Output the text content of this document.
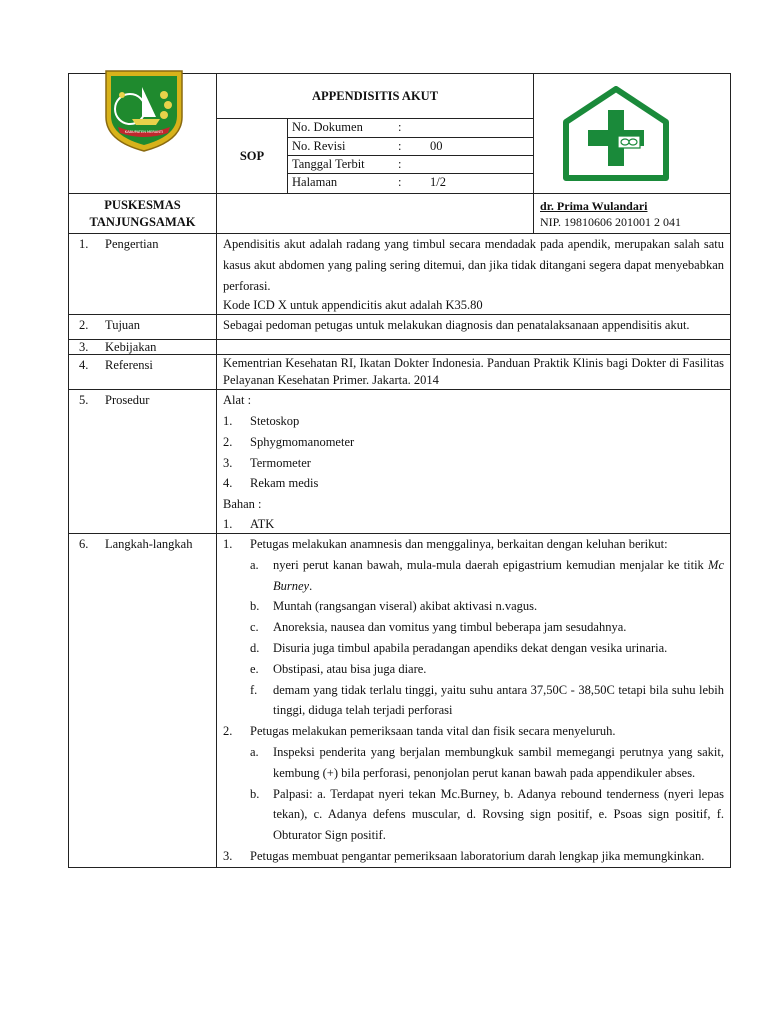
KABUPATEN MERANTI
	APPENDISITIS AKUT	

SOP	
No. Dokumen	:	
No. Revisi	:	00
Tanggal Terbit	:	
Halaman	:	1/2

PUSKESMAS
TANJUNGSAMAK

dr. Prima Wulandari
NIP. 19810606 201001 2 041

1. Pengertian	Apendisitis akut adalah radang yang timbul secara mendadak pada apendik, merupakan salah satu kasus akut abdomen yang paling sering ditemui, dan jika tidak ditangani segera dapat menyebabkan perforasi.

Kode ICD X untuk appendicitis akut adalah K35.80

2. Tujuan	Sebagai pedoman petugas untuk melakukan diagnosis dan penatalaksanaan appendisitis akut.
3. Kebijakan	
4. Referensi	Kementrian Kesehatan RI, Ikatan Dokter Indonesia. Panduan Praktik Klinis bagi Dokter di Fasilitas Pelayanan Kesehatan Primer. Jakarta. 2014
5. Prosedur	Alat :

1. Stetoskop
2. Sphygmomanometer
3. Termometer
4. Rekam medis

Bahan :

1. ATK

6. Langkah-langkah	1. Petugas melakukan anamnesis dan menggalinya, berkaitan dengan keluhan berikut:
a. nyeri perut kanan bawah, mula-mula daerah epigastrium kemudian menjalar ke titik Mc Burney.
b. Muntah (rangsangan viseral) akibat aktivasi n.vagus.
c. Anoreksia, nausea dan vomitus yang timbul beberapa jam sesudahnya.
d. Disuria juga timbul apabila peradangan apendiks dekat dengan vesika urinaria.
e. Obstipasi, atau bisa juga diare.
f. demam yang tidak terlalu tinggi, yaitu suhu antara 37,50C - 38,50C tetapi bila suhu lebih tinggi, diduga telah terjadi perforasi
2. Petugas melakukan pemeriksaan tanda vital dan fisik secara menyeluruh.
a. Inspeksi penderita yang berjalan membungkuk sambil memegangi perutnya yang sakit, kembung (+) bila perforasi, penonjolan perut kanan bawah pada appendikuler abses.
b. Palpasi: a. Terdapat nyeri tekan Mc.Burney, b. Adanya rebound tenderness (nyeri lepas tekan), c. Adanya defens muscular, d. Rovsing sign positif, e. Psoas sign positif, f. Obturator Sign positif.
3. Petugas membuat pengantar pemeriksaan laboratorium darah lengkap jika memungkinkan.
